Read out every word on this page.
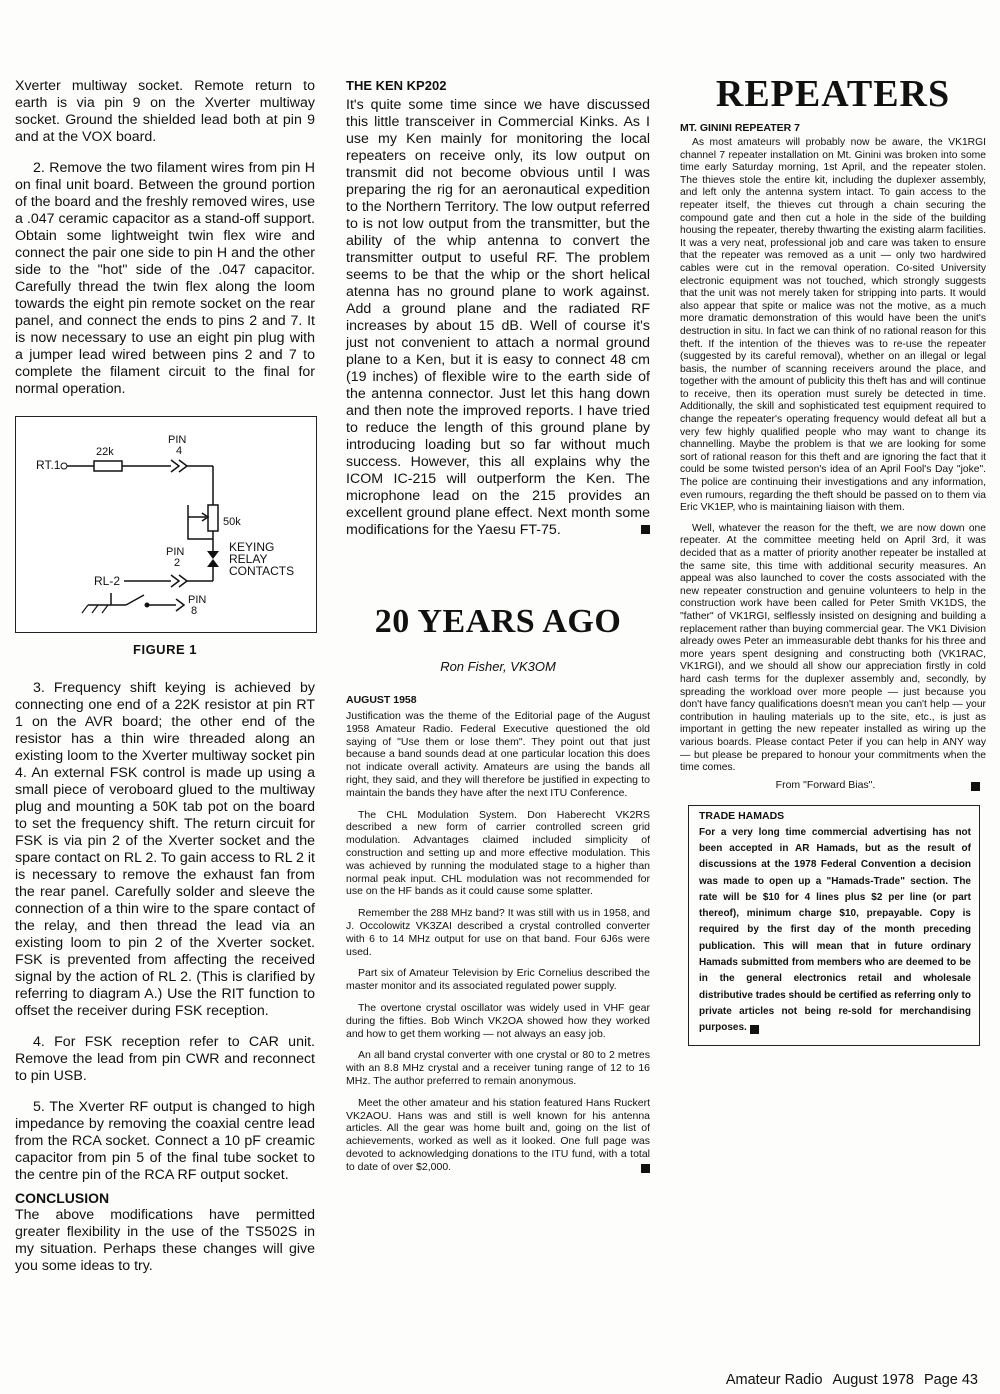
Xverter multiway socket. Remote return to earth is via pin 9 on the Xverter multiway socket. Ground the shielded lead both at pin 9 and at the VOX board.

2. Remove the two filament wires from pin H on final unit board. Between the ground portion of the board and the freshly removed wires, use a .047 ceramic capacitor as a stand-off support. Obtain some lightweight twin flex wire and connect the pair one side to pin H and the other side to the "hot" side of the .047 capacitor. Carefully thread the twin flex along the loom towards the eight pin remote socket on the rear panel, and connect the ends to pins 2 and 7. It is now necessary to use an eight pin plug with a jumper lead wired between pins 2 and 7 to complete the filament circuit to the final for normal operation.

RT.1
22k
PIN
4
50k
KEYING
RELAY
CONTACTS
PIN
2
RL-2
PIN
8
FIGURE 1

3. Frequency shift keying is achieved by connecting one end of a 22K resistor at pin RT 1 on the AVR board; the other end of the resistor has a thin wire threaded along an existing loom to the Xverter multiway socket pin 4. An external FSK control is made up using a small piece of veroboard glued to the multiway plug and mounting a 50K tab pot on the board to set the frequency shift. The return circuit for FSK is via pin 2 of the Xverter socket and the spare contact on RL 2. To gain access to RL 2 it is necessary to remove the exhaust fan from the rear panel. Carefully solder and sleeve the connection of a thin wire to the spare contact of the relay, and then thread the lead via an existing loom to pin 2 of the Xverter socket. FSK is prevented from affecting the received signal by the action of RL 2. (This is clarified by referring to diagram A.) Use the RIT function to offset the receiver during FSK reception.

4. For FSK reception refer to CAR unit. Remove the lead from pin CWR and reconnect to pin USB.

5. The Xverter RF output is changed to high impedance by removing the coaxial centre lead from the RCA socket. Connect a 10 pF creamic capacitor from pin 5 of the final tube socket to the centre pin of the RCA RF output socket.

CONCLUSION

The above modifications have permitted greater flexibility in the use of the TS502S in my situation. Perhaps these changes will give you some ideas to try.

THE KEN KP202

It's quite some time since we have discussed this little transceiver in Commercial Kinks. As I use my Ken mainly for monitoring the local repeaters on receive only, its low output on transmit did not become obvious until I was preparing the rig for an aeronautical expedition to the Northern Territory. The low output referred to is not low output from the transmitter, but the ability of the whip antenna to convert the transmitter output to useful RF. The problem seems to be that the whip or the short helical atenna has no ground plane to work against. Add a ground plane and the radiated RF increases by about 15 dB. Well of course it's just not convenient to attach a normal ground plane to a Ken, but it is easy to connect 48 cm (19 inches) of flexible wire to the earth side of the antenna connector. Just let this hang down and then note the improved reports. I have tried to reduce the length of this ground plane by introducing loading but so far without much success. However, this all explains why the ICOM IC-215 will outperform the Ken. The microphone lead on the 215 provides an excellent ground plane effect. Next month some modifications for the Yaesu FT-75.

20 YEARS AGO
Ron Fisher, VK3OM
AUGUST 1958

Justification was the theme of the Editorial page of the August 1958 Amateur Radio. Federal Executive questioned the old saying of "Use them or lose them". They point out that just because a band sounds dead at one particular location this does not indicate overall activity. Amateurs are using the bands all right, they said, and they will therefore be justified in expecting to maintain the bands they have after the next ITU Conference.

The CHL Modulation System. Don Haberecht VK2RS described a new form of carrier controlled screen grid modulation. Advantages claimed included simplicity of construction and setting up and more effective modulation. This was achieved by running the modulated stage to a higher than normal peak input. CHL modulation was not recommended for use on the HF bands as it could cause some splatter.

Remember the 288 MHz band? It was still with us in 1958, and J. Occolowitz VK3ZAI described a crystal controlled converter with 6 to 14 MHz output for use on that band. Four 6J6s were used.

Part six of Amateur Television by Eric Cornelius described the master monitor and its associated regulated power supply.

The overtone crystal oscillator was widely used in VHF gear during the fifties. Bob Winch VK2OA showed how they worked and how to get them working — not always an easy job.

An all band crystal converter with one crystal or 80 to 2 metres with an 8.8 MHz crystal and a receiver tuning range of 12 to 16 MHz. The author preferred to remain anonymous.

Meet the other amateur and his station featured Hans Ruckert VK2AOU. Hans was and still is well known for his antenna articles. All the gear was home built and, going on the list of achievements, worked as well as it looked. One full page was devoted to acknowledging donations to the ITU fund, with a total to date of over $2,000.

REPEATERS
MT. GININI REPEATER 7

As most amateurs will probably now be aware, the VK1RGI channel 7 repeater installation on Mt. Ginini was broken into some time early Saturday morning, 1st April, and the repeater stolen. The thieves stole the entire kit, including the duplexer assembly, and left only the antenna system intact. To gain access to the repeater itself, the thieves cut through a chain securing the compound gate and then cut a hole in the side of the building housing the repeater, thereby thwarting the existing alarm facilities. It was a very neat, professional job and care was taken to ensure that the repeater was removed as a unit — only two hardwired cables were cut in the removal operation. Co-sited University electronic equipment was not touched, which strongly suggests that the unit was not merely taken for stripping into parts. It would also appear that spite or malice was not the motive, as a much more dramatic demonstration of this would have been the unit's destruction in situ. In fact we can think of no rational reason for this theft. If the intention of the thieves was to re-use the repeater (suggested by its careful removal), whether on an illegal or legal basis, the number of scanning receivers around the place, and together with the amount of publicity this theft has and will continue to receive, then its operation must surely be detected in time. Additionally, the skill and sophisticated test equipment required to change the repeater's operating frequency would defeat all but a very few highly qualified people who may want to change its channelling. Maybe the problem is that we are looking for some sort of rational reason for this theft and are ignoring the fact that it could be some twisted person's idea of an April Fool's Day "joke". The police are continuing their investigations and any information, even rumours, regarding the theft should be passed on to them via Eric VK1EP, who is maintaining liaison with them.

Well, whatever the reason for the theft, we are now down one repeater. At the committee meeting held on April 3rd, it was decided that as a matter of priority another repeater be installed at the same site, this time with additional security measures. An appeal was also launched to cover the costs associated with the new repeater construction and genuine volunteers to help in the construction work have been called for Peter Smith VK1DS, the "father" of VK1RGI, selflessly insisted on designing and building a replacement rather than buying commercial gear. The VK1 Division already owes Peter an immeasurable debt thanks for his three and more years spent designing and constructing both (VK1RAC, VK1RGI), and we should all show our appreciation firstly in cold hard cash terms for the duplexer assembly and, secondly, by spreading the workload over more people — just because you don't have fancy qualifications doesn't mean you can't help — your contribution in hauling materials up to the site, etc., is just as important in getting the new repeater installed as wiring up the various boards. Please contact Peter if you can help in ANY way — but please be prepared to honour your commitments when the time comes.

From "Forward Bias".
TRADE HAMADS
For a very long time commercial advertising has not been accepted in AR Hamads, but as the result of discussions at the 1978 Federal Convention a decision was made to open up a "Hamads-Trade" section. The rate will be $10 for 4 lines plus $2 per line (or part thereof), minimum charge $10, prepayable. Copy is required by the first day of the month preceding publication. This will mean that in future ordinary Hamads submitted from members who are deemed to be in the general electronics retail and wholesale distributive trades should be certified as referring only to private articles not being re-sold for merchandising purposes.
Amateur Radio August 1978 Page 43
